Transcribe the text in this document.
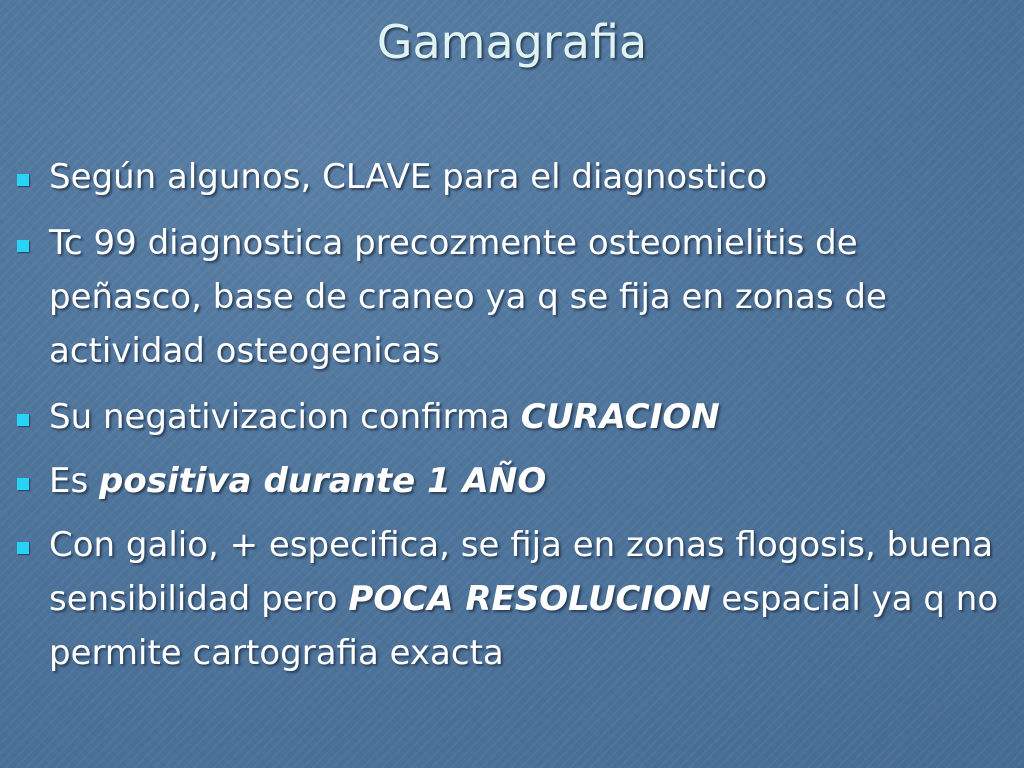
Gamagrafia
Según algunos, CLAVE para el diagnostico
Tc 99 diagnostica precozmente osteomielitis de peñasco, base de craneo ya q se fija en zonas de actividad osteogenicas
Su negativizacion confirma CURACION
Es positiva durante 1 AÑO
Con galio, + especifica, se fija en zonas flogosis, buena sensibilidad pero POCA RESOLUCION espacial ya q no permite cartografia exacta
